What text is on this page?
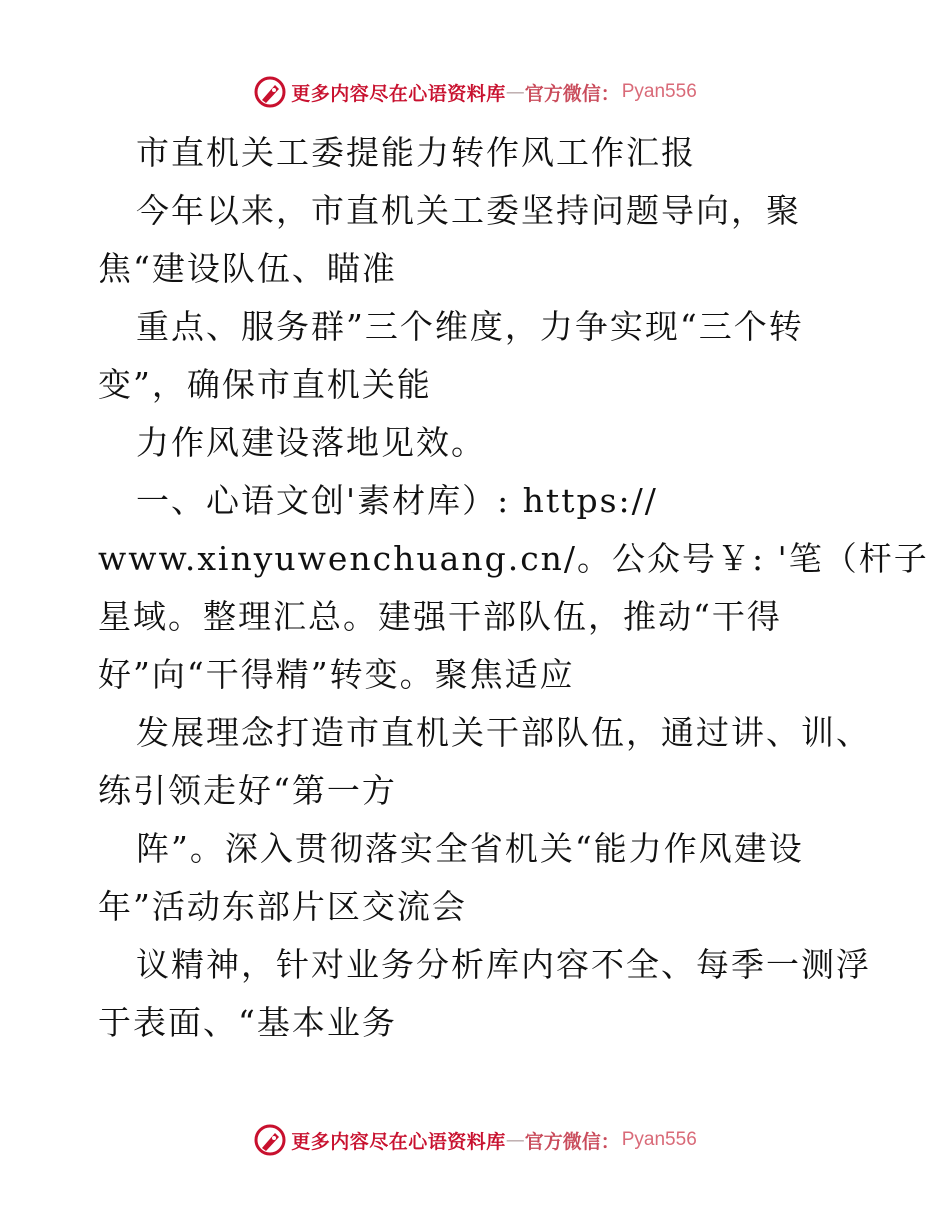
更多内容尽在心语资料库 — 官方微信： Pyan556
市直机关工委提能力转作风工作汇报
今年以来，市直机关工委坚持问题导向，聚
焦“建设队伍、瞄准
重点、服务群”三个维度，力争实现“三个转
变”，确保市直机关能
力作风建设落地见效。
一、心语文创'素材库）: https://
www.xinyuwenchuang.cn/。公众号￥: '笔（杆子
星域。整理汇总。建强干部队伍，推动“干得
好”向“干得精”转变。聚焦适应
发展理念打造市直机关干部队伍，通过讲、训、
练引领走好“第一方
阵”。深入贯彻落实全省机关“能力作风建设
年”活动东部片区交流会
议精神，针对业务分析库内容不全、每季一测浮
于表面、“基本业务
更多内容尽在心语资料库 — 官方微信： Pyan556
